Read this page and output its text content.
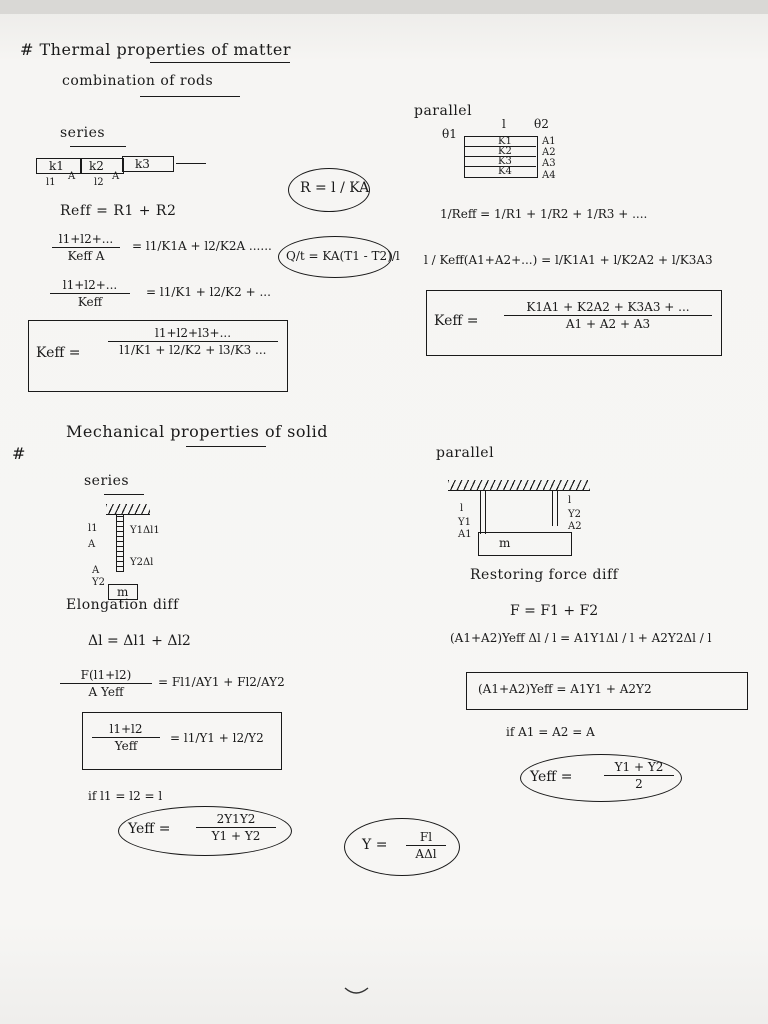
# Thermal properties of matter
combination of rods
series
k1 k2	k3
l1
A
l2
A
R = l / KA
Reff = R1 + R2
l1+l2+...
Keff A
= l1/K1A + l2/K2A ......
Q/t = KA(T1 - T2)/l
l1+l2+...
Keff
= l1/K1 + l2/K2 + ...
Keff =
l1+l2+l3+...
l1/K1 + l2/K2 + l3/K3 ...
parallel
θ1
l θ2
K1
K2
K3
K4
A1
A2
A3
A4
1/Reff = 1/R1 + 1/R2 + 1/R3 + ....
l / Keff(A1+A2+...) = l/K1A1 + l/K2A2 + l/K3A3
Keff =
K1A1 + K2A2 + K3A3 + ...
A1 + A2 + A3
#
Mechanical properties of solid
series
m
l1
A
Y1Δl1
A
Y2
Y2Δl
Elongation diff
Δl = Δl1 + Δl2
F(l1+l2)
A Yeff
= Fl1/AY1 + Fl2/AY2
l1+l2
Yeff
= l1/Y1 + l2/Y2
if l1 = l2 = l
Yeff =
2Y1Y2
Y1 + Y2
Y =	Fl
AΔl
parallel
m
l
Y1
A1
l
Y2
A2
Restoring force diff
F = F1 + F2
(A1+A2)Yeff Δl / l = A1Y1Δl / l + A2Y2Δl / l
(A1+A2)Yeff = A1Y1 + A2Y2
if A1 = A2 = A
Yeff =
Y1 + Y2
2
